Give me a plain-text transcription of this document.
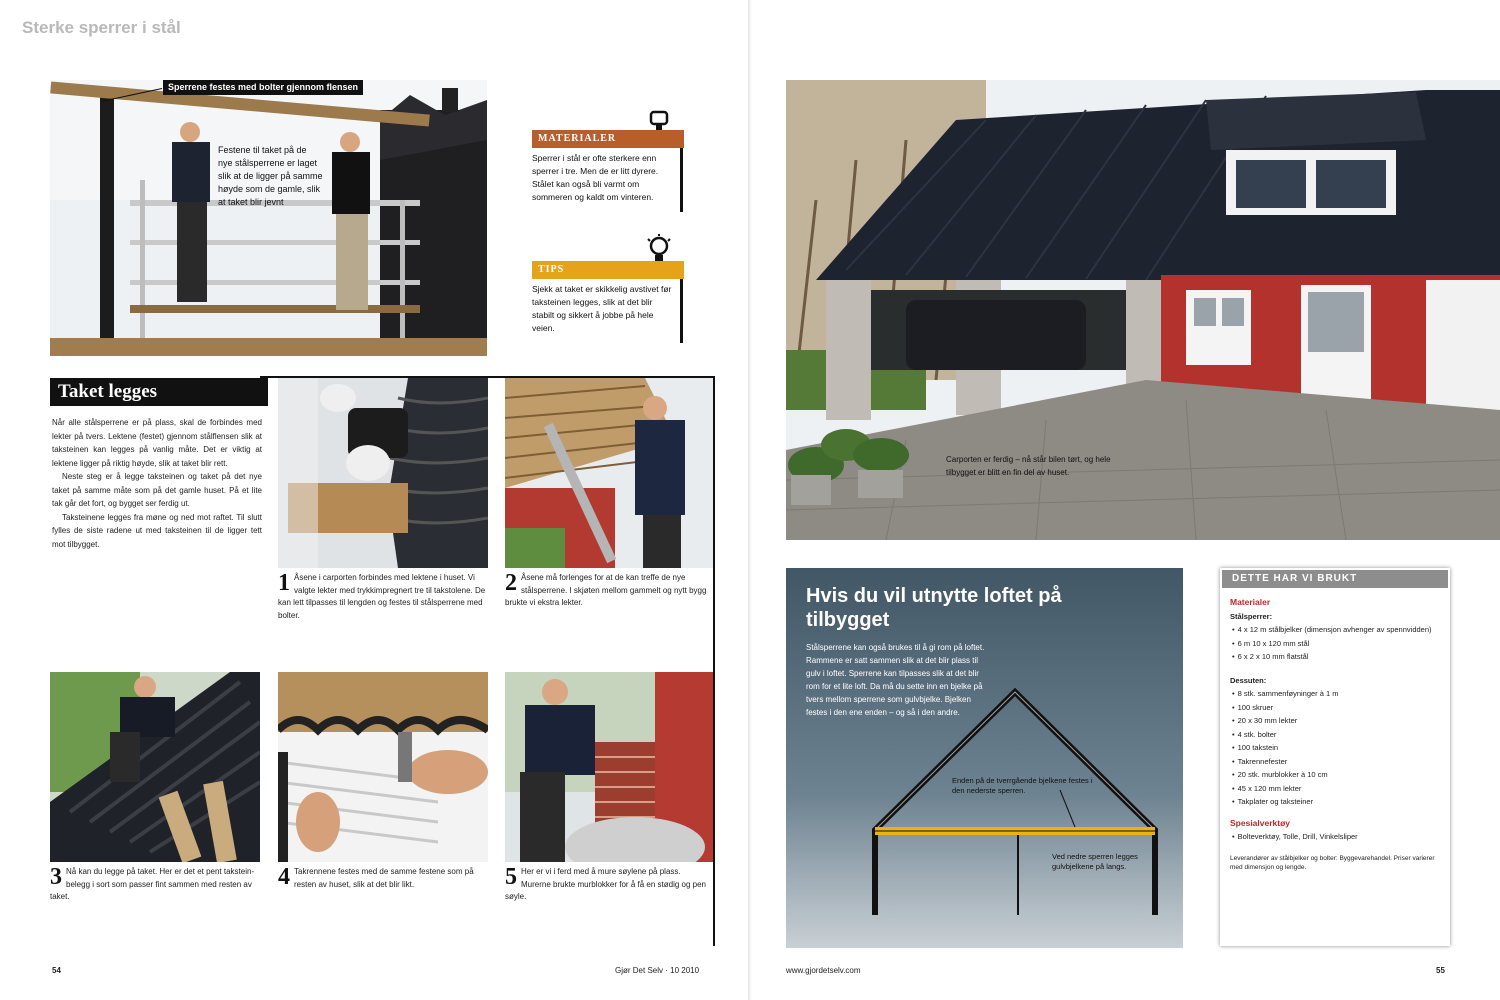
Sterke sperrer i stål
Sperrene festes med bolter gjennom flensen
Festene til taket på de nye stålsperrene er laget slik at de ligger på samme høyde som de gamle, slik at taket blir jevnt
MATERIALER
Sperrer i stål er ofte sterkere enn sperrer i tre. Men de er litt dyrere. Stålet kan også bli varmt om sommeren og kaldt om vinteren.
TIPS
Sjekk at taket er skikkelig avstivet før taksteinen legges, slik at det blir stabilt og sikkert å jobbe på hele veien.
Taket legges

Når alle stålsperrene er på plass, skal de forbindes med lekter på tvers. Lektene (festet) gjennom stålflensen slik at taksteinen kan legges på vanlig måte. Det er viktig at lektene ligger på riktig høyde, slik at taket blir rett.

Neste steg er å legge taksteinen og taket på det nye taket på samme måte som på det gamle huset. På et lite tak går det fort, og bygget ser ferdig ut.

Taksteinene legges fra møne og ned mot raftet. Til slutt fylles de siste radene ut med taksteinen til de ligger tett mot tilbygget.

1 Åsene i carporten forbindes med lektene i huset. Vi valgte lekter med trykkimpregnert tre til takstolene. De kan lett tilpasses til lengden og festes til stålsperrene med bolter.
2 Åsene må forlenges for at de kan treffe de nye stålsperrene. I skjøten mellom gammelt og nytt bygg brukte vi ekstra lekter.
3 Nå kan du legge på taket. Her er det et pent takstein-belegg i sort som passer fint sammen med resten av taket.
4 Takrennene festes med de samme festene som på resten av huset, slik at det blir likt.	5 Her er vi i ferd med å mure søylene på plass. Murerne brukte murblokker for å få en stødig og pen søyle.
54	Gjør Det Selv · 10 2010	www.gjordetselv.com	55
Carporten er ferdig – nå står bilen tørt, og hele tilbygget er blitt en fin del av huset.
Hvis du vil utnytte loftet på tilbygget
Stålsperrene kan også brukes til å gi rom på loftet. Rammene er satt sammen slik at det blir plass til gulv i loftet. Sperrene kan tilpasses slik at det blir rom for et lite loft. Da må du sette inn en bjelke på tvers mellom sperrene som gulvbjelke. Bjelken festes i den ene enden – og så i den andre.
Enden på de tverrgående bjelkene festes i den nederste sperren.
Ved nedre sperren legges gulvbjelkene på langs.
DETTE HAR VI BRUKT
Materialer
Stålsperrer:
• 4 x 12 m stålbjelker (dimensjon avhenger av spennvidden)
• 6 m 10 x 120 mm stål
• 6 x 2 x 10 mm flatstål
Dessuten:
• 8 stk. sammenføyninger à 1 m
• 100 skruer
• 20 x 30 mm lekter
• 4 stk. bolter
• 100 takstein
• Takrennefester
• 20 stk. murblokker à 10 cm
• 45 x 120 mm lekter
• Takplater og taksteiner
Spesialverktøy
• Bolteverktøy, Tolle, Drill, Vinkelsliper
Leverandører av stålbjelker og bolter: Byggevarehandel. Priser varierer med dimensjon og lengde.
